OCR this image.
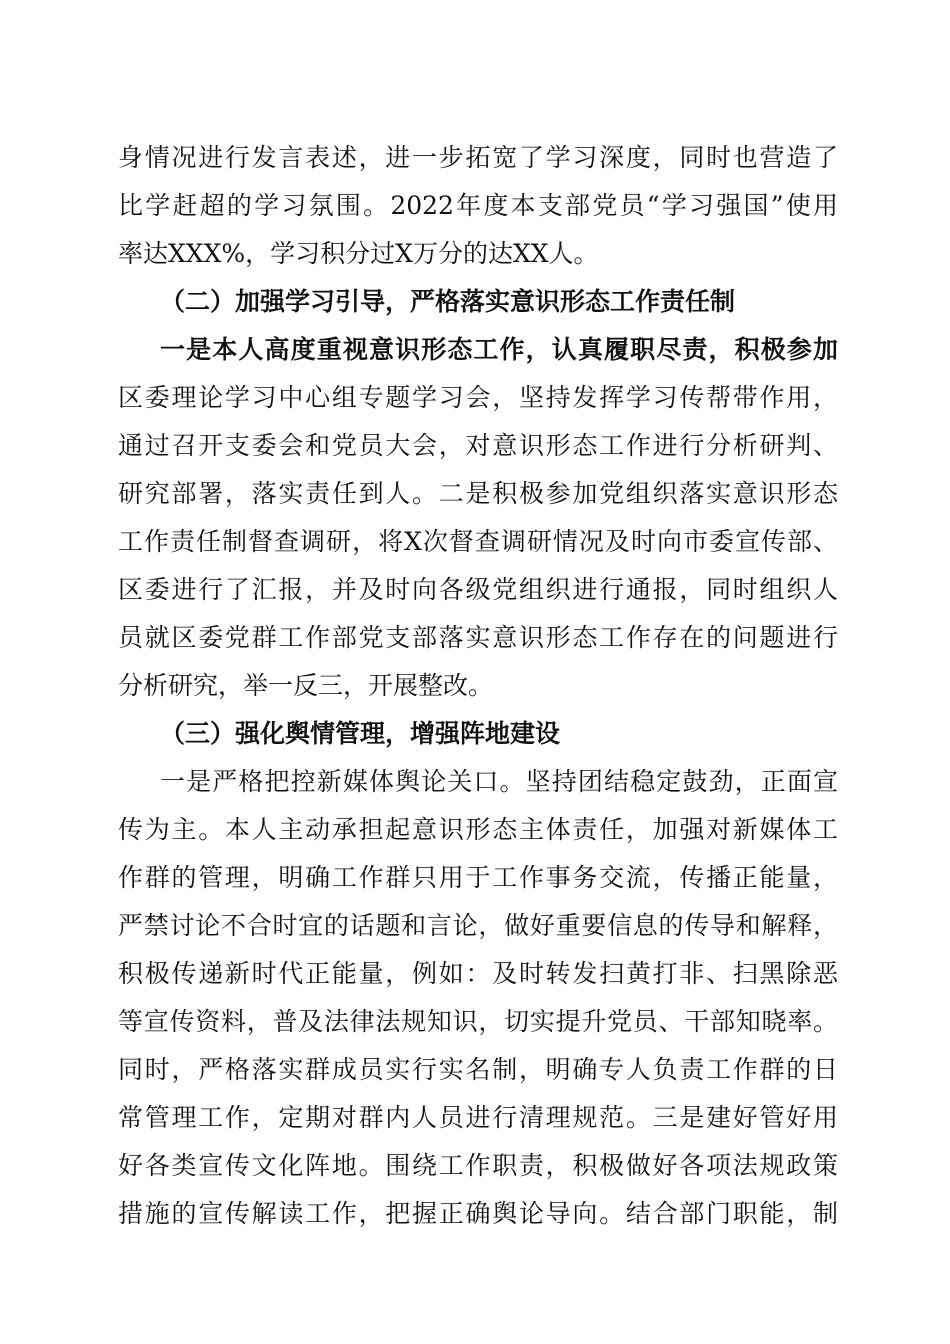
身情况进行发言表述，进一步拓宽了学习深度，同时也营造了
比学赶超的学习氛围。2022年度本支部党员“学习强国”使用
率达XXX%，学习积分过X万分的达XX人。
（二）加强学习引导，严格落实意识形态工作责任制
一是本人高度重视意识形态工作，认真履职尽责，积极参加
区委理论学习中心组专题学习会，坚持发挥学习传帮带作用，
通过召开支委会和党员大会，对意识形态工作进行分析研判、
研究部署，落实责任到人。二是积极参加党组织落实意识形态
工作责任制督查调研，将X次督查调研情况及时向市委宣传部、
区委进行了汇报，并及时向各级党组织进行通报，同时组织人
员就区委党群工作部党支部落实意识形态工作存在的问题进行
分析研究，举一反三，开展整改。
（三）强化舆情管理，增强阵地建设
一是严格把控新媒体舆论关口。坚持团结稳定鼓劲，正面宣
传为主。本人主动承担起意识形态主体责任，加强对新媒体工
作群的管理，明确工作群只用于工作事务交流，传播正能量，
严禁讨论不合时宜的话题和言论，做好重要信息的传导和解释，
积极传递新时代正能量，例如：及时转发扫黄打非、扫黑除恶
等宣传资料，普及法律法规知识，切实提升党员、干部知晓率。
同时，严格落实群成员实行实名制，明确专人负责工作群的日
常管理工作，定期对群内人员进行清理规范。三是建好管好用
好各类宣传文化阵地。围绕工作职责，积极做好各项法规政策
措施的宣传解读工作，把握正确舆论导向。结合部门职能，制
